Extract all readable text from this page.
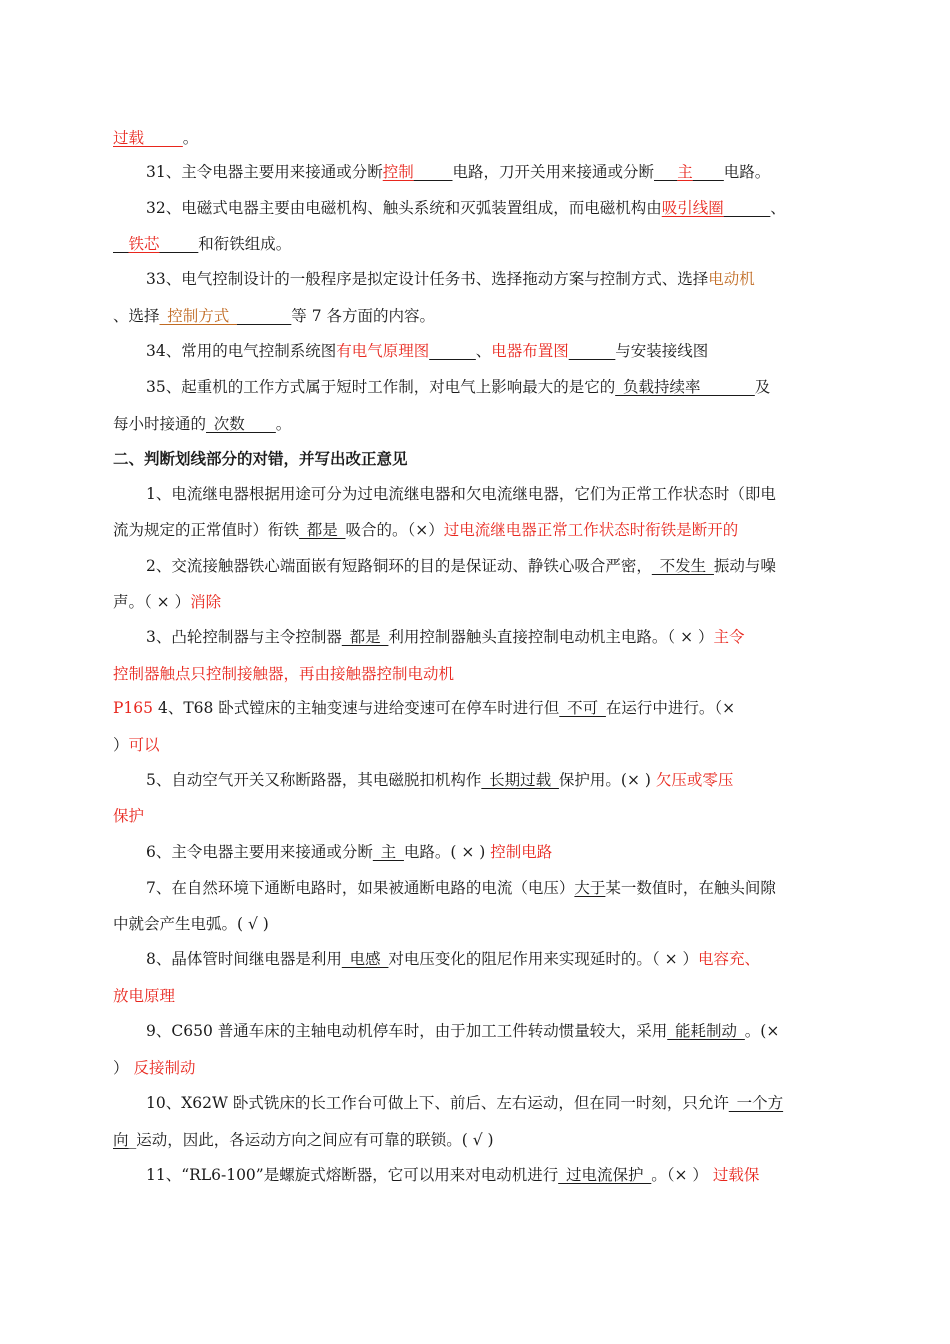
过载_____。
31、主令电器主要用来接通或分断控制_____电路，刀开关用来接通或分断___主____电路。
32、电磁式电器主要由电磁机构、触头系统和灭弧装置组成，而电磁机构由吸引线圈______、
__铁芯_____和衔铁组成。
33、电气控制设计的一般程序是拟定设计任务书、选择拖动方案与控制方式、选择电动机
、选择_控制方式________等 7 各方面的内容。
34、常用的电气控制系统图有电气原理图______、电器布置图______与安装接线图
35、起重机的工作方式属于短时工作制，对电气上影响最大的是它的_负载持续率_______及
每小时接通的_次数____。
二、判断划线部分的对错，并写出改正意见
1、电流继电器根据用途可分为过电流继电器和欠电流继电器，它们为正常工作状态时（即电
流为规定的正常值时）衔铁_都是_吸合的。（×）过电流继电器正常工作状态时衔铁是断开的
2、交流接触器铁心端面嵌有短路铜环的目的是保证动、静铁心吸合严密，_不发生_振动与噪
声。（ × ）消除
3、凸轮控制器与主令控制器_都是_利用控制器触头直接控制电动机主电路。（ × ）主令
控制器触点只控制接触器，再由接触器控制电动机
P165 4、T68 卧式镗床的主轴变速与进给变速可在停车时进行但_不可_在运行中进行。（×
）可以
5、自动空气开关又称断路器，其电磁脱扣机构作_长期过载_保护用。(× ) 欠压或零压
保护
6、主令电器主要用来接通或分断_主_电路。( × ) 控制电路
7、在自然环境下通断电路时，如果被通断电路的电流（电压）大于某一数值时，在触头间隙
中就会产生电弧。( √ )
8、晶体管时间继电器是利用_电感_对电压变化的阻尼作用来实现延时的。（ × ）电容充、
放电原理
9、C650 普通车床的主轴电动机停车时，由于加工工件转动惯量较大，采用_能耗制动_。(×
） 反接制动
10、X62W 卧式铣床的长工作台可做上下、前后、左右运动，但在同一时刻，只允许_一个方
向_运动，因此，各运动方向之间应有可靠的联锁。( √ )
11、“RL6-100”是螺旋式熔断器，它可以用来对电动机进行_过电流保护_。（× ） 过载保
